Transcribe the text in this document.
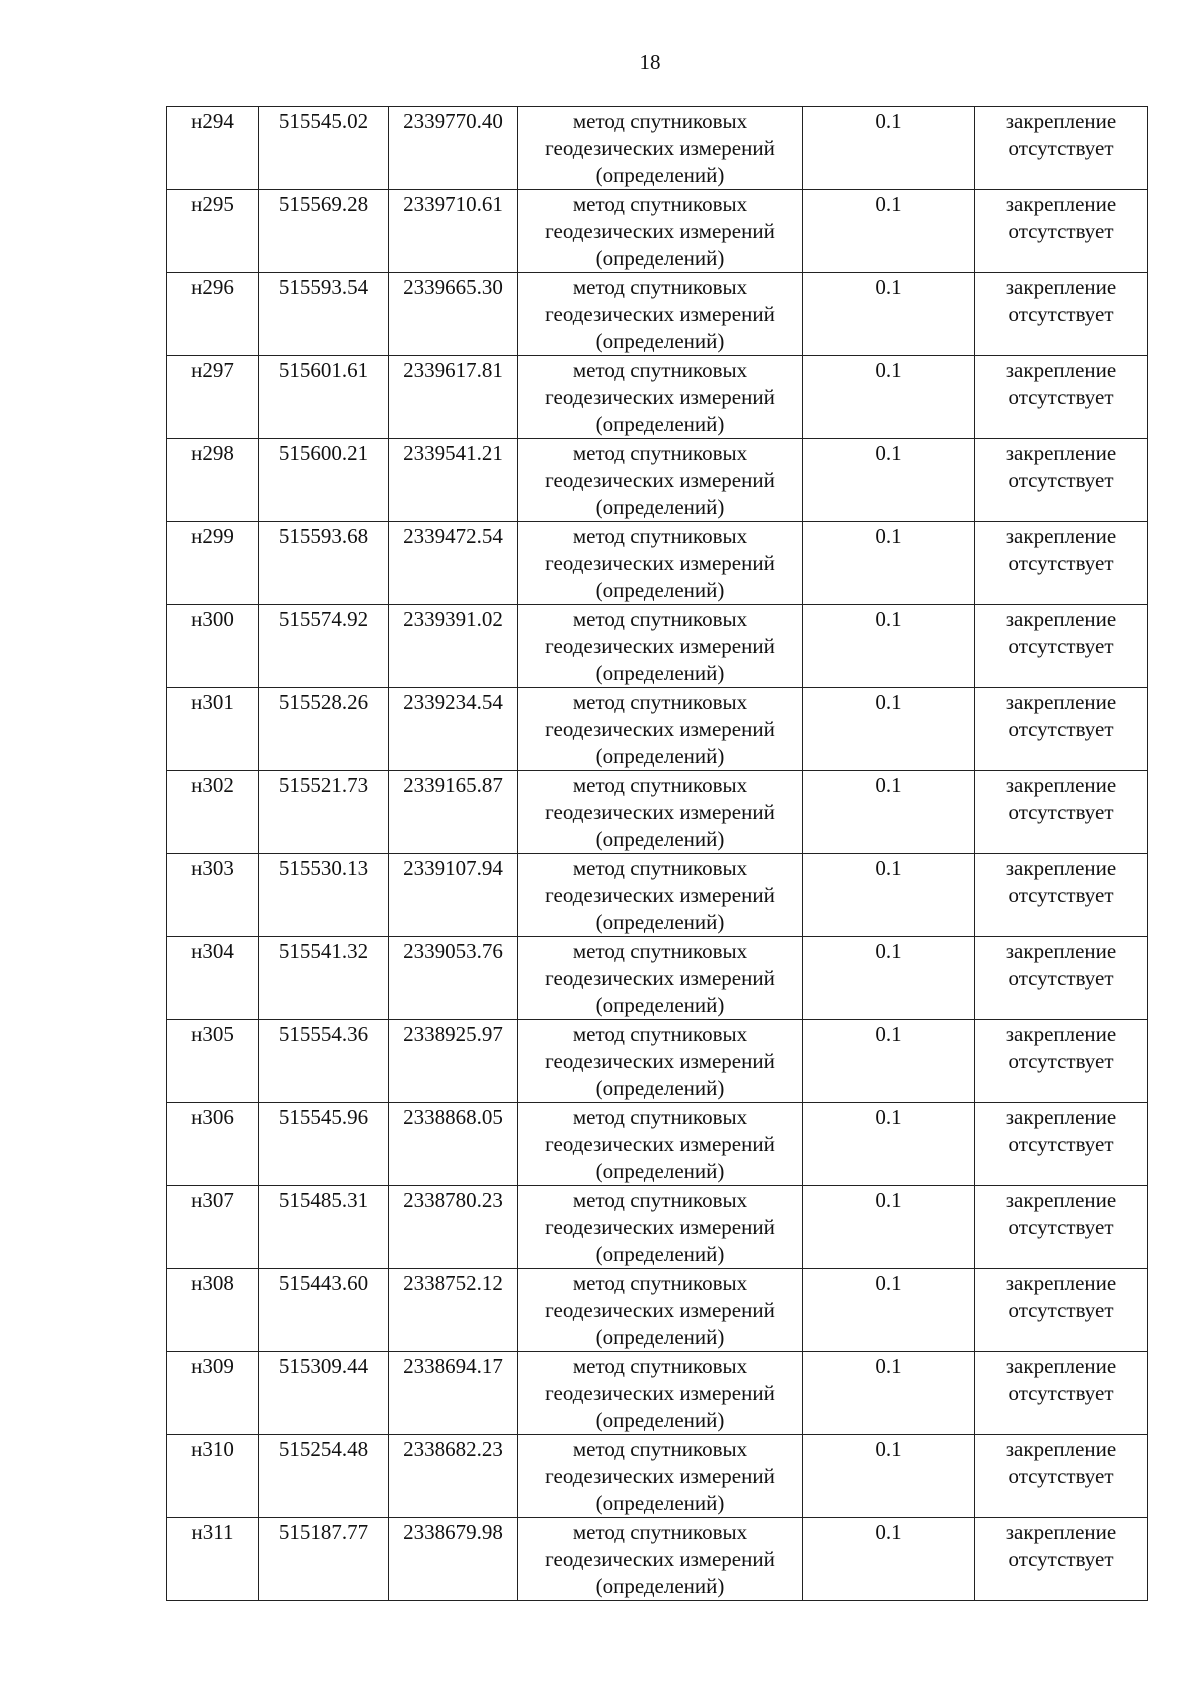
18
н294	515545.02	2339770.40	метод спутниковых
геодезических измерений
(определений)	0.1	закрепление
отсутствует

н295	515569.28	2339710.61	метод спутниковых
геодезических измерений
(определений)	0.1	закрепление
отсутствует

н296	515593.54	2339665.30	метод спутниковых
геодезических измерений
(определений)	0.1	закрепление
отсутствует

н297	515601.61	2339617.81	метод спутниковых
геодезических измерений
(определений)	0.1	закрепление
отсутствует

н298	515600.21	2339541.21	метод спутниковых
геодезических измерений
(определений)	0.1	закрепление
отсутствует

н299	515593.68	2339472.54	метод спутниковых
геодезических измерений
(определений)	0.1	закрепление
отсутствует

н300	515574.92	2339391.02	метод спутниковых
геодезических измерений
(определений)	0.1	закрепление
отсутствует

н301	515528.26	2339234.54	метод спутниковых
геодезических измерений
(определений)	0.1	закрепление
отсутствует

н302	515521.73	2339165.87	метод спутниковых
геодезических измерений
(определений)	0.1	закрепление
отсутствует

н303	515530.13	2339107.94	метод спутниковых
геодезических измерений
(определений)	0.1	закрепление
отсутствует

н304	515541.32	2339053.76	метод спутниковых
геодезических измерений
(определений)	0.1	закрепление
отсутствует

н305	515554.36	2338925.97	метод спутниковых
геодезических измерений
(определений)	0.1	закрепление
отсутствует

н306	515545.96	2338868.05	метод спутниковых
геодезических измерений
(определений)	0.1	закрепление
отсутствует

н307	515485.31	2338780.23	метод спутниковых
геодезических измерений
(определений)	0.1	закрепление
отсутствует

н308	515443.60	2338752.12	метод спутниковых
геодезических измерений
(определений)	0.1	закрепление
отсутствует

н309	515309.44	2338694.17	метод спутниковых
геодезических измерений
(определений)	0.1	закрепление
отсутствует

н310	515254.48	2338682.23	метод спутниковых
геодезических измерений
(определений)	0.1	закрепление
отсутствует

н311	515187.77	2338679.98	метод спутниковых
геодезических измерений
(определений)	0.1	закрепление
отсутствует
